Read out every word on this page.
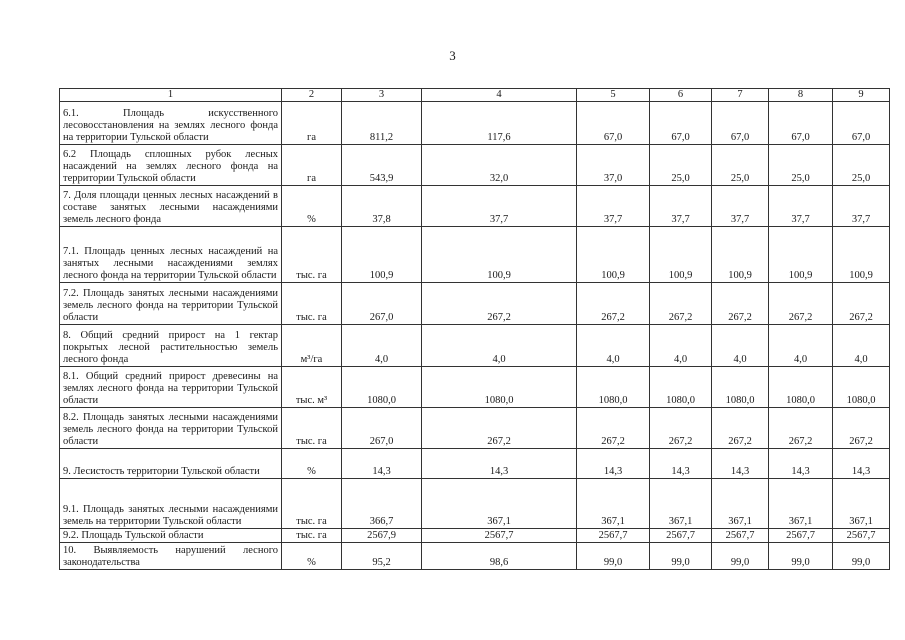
3
1	2	3	4	5	6	7	8	9
6.1. Площадь искусственного лесовосстановления на землях лесного фонда на территории Тульской области	га	811,2	117,6	67,0	67,0	67,0	67,0	67,0
6.2 Площадь сплошных рубок лесных насаждений на землях лесного фонда на территории Тульской области	га	543,9	32,0	37,0	25,0	25,0	25,0	25,0
7. Доля площади ценных лесных насаждений в составе занятых лесными насаждениями земель лесного фонда	%	37,8	37,7	37,7	37,7	37,7	37,7	37,7
7.1. Площадь ценных лесных насаждений на занятых лесными насаждениями землях лесного фонда на территории Тульской области	тыс. га	100,9	100,9	100,9	100,9	100,9	100,9	100,9
7.2. Площадь занятых лесными насаждениями земель лесного фонда на территории Тульской области	тыс. га	267,0	267,2	267,2	267,2	267,2	267,2	267,2
8. Общий средний прирост на 1 гектар покрытых лесной растительностью земель лесного фонда	м³/га	4,0	4,0	4,0	4,0	4,0	4,0	4,0
8.1. Общий средний прирост древесины на землях лесного фонда на территории Тульской области	тыс. м³	1080,0	1080,0	1080,0	1080,0	1080,0	1080,0	1080,0
8.2. Площадь занятых лесными насаждениями земель лесного фонда на территории Тульской области	тыс. га	267,0	267,2	267,2	267,2	267,2	267,2	267,2
9. Лесистость территории Тульской области	%	14,3	14,3	14,3	14,3	14,3	14,3	14,3
9.1. Площадь занятых лесными насаждениями земель на территории Тульской области	тыс. га	366,7	367,1	367,1	367,1	367,1	367,1	367,1
9.2. Площадь Тульской области	тыс. га	2567,9	2567,7	2567,7	2567,7	2567,7	2567,7	2567,7
10. Выявляемость нарушений лесного законодательства	%	95,2	98,6	99,0	99,0	99,0	99,0	99,0
